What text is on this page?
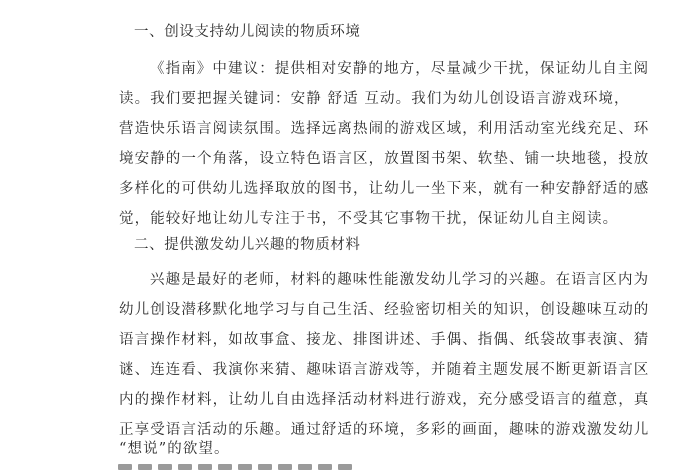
一、创设支持幼儿阅读的物质环境
《指南》中建议：提供相对安静的地方，尽量减少干扰，保证幼儿自主阅
读。我们要把握关键词：安静 舒适 互动。我们为幼儿创设语言游戏环境，
营造快乐语言阅读氛围。选择远离热闹的游戏区域，利用活动室光线充足、环
境安静的一个角落，设立特色语言区，放置图书架、软垫、铺一块地毯，投放
多样化的可供幼儿选择取放的图书，让幼儿一坐下来，就有一种安静舒适的感
觉，能较好地让幼儿专注于书，不受其它事物干扰，保证幼儿自主阅读。
二、提供激发幼儿兴趣的物质材料
兴趣是最好的老师，材料的趣味性能激发幼儿学习的兴趣。在语言区内为
幼儿创设潜移默化地学习与自己生活、经验密切相关的知识，创设趣味互动的
语言操作材料，如故事盒、接龙、排图讲述、手偶、指偶、纸袋故事表演、猜
谜、连连看、我演你来猜、趣味语言游戏等，并随着主题发展不断更新语言区
内的操作材料，让幼儿自由选择活动材料进行游戏，充分感受语言的蕴意，真
正享受语言活动的乐趣。通过舒适的环境，多彩的画面，趣味的游戏激发幼儿
“想说”的欲望。
